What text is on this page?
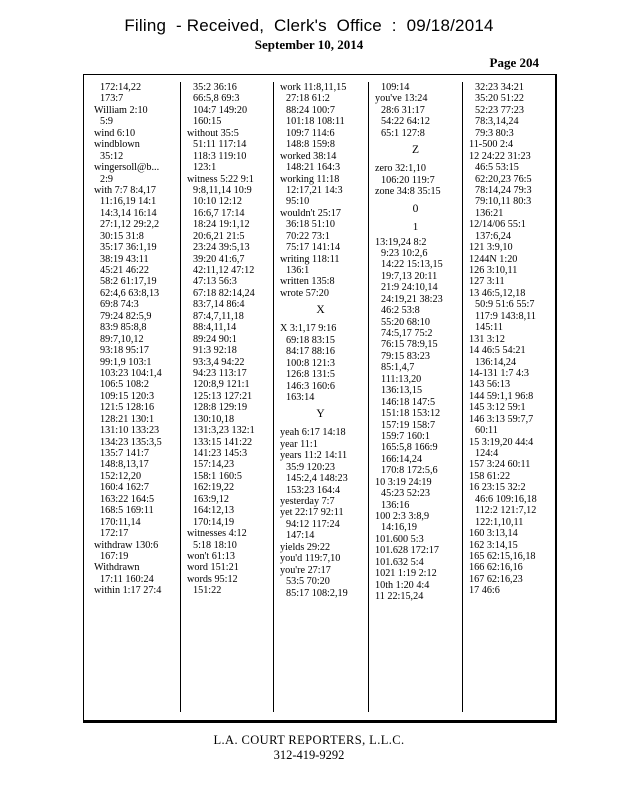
Filing  - Received,  Clerk's  Office  :  09/18/2014
September 10, 2014
Page 204
172:14,22
173:7
William 2:10
5:9
wind 6:10
windblown
35:12
wingersoll@b...
2:9
with 7:7 8:4,17
11:16,19 14:1
14:3,14 16:14
27:1,12 29:2,2
30:15 31:8
35:17 36:1,19
38:19 43:11
45:21 46:22
58:2 61:17,19
62:4,6 63:8,13
69:8 74:3
79:24 82:5,9
83:9 85:8,8
89:7,10,12
93:18 95:17
99:1,9 103:1
103:23 104:1,4
106:5 108:2
109:15 120:3
121:5 128:16
128:21 130:1
131:10 133:23
134:23 135:3,5
135:7 141:7
148:8,13,17
152:12,20
160:4 162:7
163:22 164:5
168:5 169:11
170:11,14
172:17
withdraw 130:6
167:19
Withdrawn
17:11 160:24
within 1:17 27:4
35:2 36:16
66:5,8 69:3
104:7 149:20
160:15
without 35:5
51:11 117:14
118:3 119:10
123:1
witness 5:22 9:1
9:8,11,14 10:9
10:10 12:12
16:6,7 17:14
18:24 19:1,12
20:6,21 21:5
23:24 39:5,13
39:20 41:6,7
42:11,12 47:12
47:13 56:3
67:18 82:14,24
83:7,14 86:4
87:4,7,11,18
88:4,11,14
89:24 90:1
91:3 92:18
93:3,4 94:22
94:23 113:17
120:8,9 121:1
125:13 127:21
128:8 129:19
130:10,18
131:3,23 132:1
133:15 141:22
141:23 145:3
157:14,23
158:1 160:5
162:19,22
163:9,12
164:12,13
170:14,19
witnesses 4:12
5:18 18:10
won't 61:13
word 151:21
words 95:12
151:22
work 11:8,11,15
27:18 61:2
88:24 100:7
101:18 108:11
109:7 114:6
148:8 159:8
worked 38:14
148:21 164:3
working 11:18
12:17,21 14:3
95:10
wouldn't 25:17
36:18 51:10
70:22 73:1
75:17 141:14
writing 118:11
136:1
written 135:8
wrote 57:20
X
X 3:1,17 9:16
69:18 83:15
84:17 88:16
100:8 121:3
126:8 131:5
146:3 160:6
163:14
Y
yeah 6:17 14:18
year 11:1
years 11:2 14:11
35:9 120:23
145:2,4 148:23
153:23 164:4
yesterday 7:7
yet 22:17 92:11
94:12 117:24
147:14
yields 29:22
you'd 119:7,10
you're 27:17
53:5 70:20
85:17 108:2,19
109:14
you've 13:24
28:6 31:17
54:22 64:12
65:1 127:8
Z
zero 32:1,10
106:20 119:7
zone 34:8 35:15
0
1
13:19,24 8:2
9:23 10:2,6
14:22 15:13,15
19:7,13 20:11
21:9 24:10,14
24:19,21 38:23
46:2 53:8
55:20 68:10
74:5,17 75:2
76:15 78:9,15
79:15 83:23
85:1,4,7
111:13,20
136:13,15
146:18 147:5
151:18 153:12
157:19 158:7
159:7 160:1
165:5,8 166:9
166:14,24
170:8 172:5,6
10 3:19 24:19
45:23 52:23
136:16
100 2:3 3:8,9
14:16,19
101.600 5:3
101.628 172:17
101.632 5:4
1021 1:19 2:12
10th 1:20 4:4
11 22:15,24
32:23 34:21
35:20 51:22
52:23 77:23
78:3,14,24
79:3 80:3
11-500 2:4
12 24:22 31:23
46:5 53:15
62:20,23 76:5
78:14,24 79:3
79:10,11 80:3
136:21
12/14/06 55:1
137:6,24
121 3:9,10
1244N 1:20
126 3:10,11
127 3:11
13 46:5,12,18
50:9 51:6 55:7
117:9 143:8,11
145:11
131 3:12
14 46:5 54:21
136:14,24
14-131 1:7 4:3
143 56:13
144 59:1,1 96:8
145 3:12 59:1
146 3:13 59:7,7
60:11
15 3:19,20 44:4
124:4
157 3:24 60:11
158 61:22
16 23:15 32:2
46:6 109:16,18
112:2 121:7,12
122:1,10,11
160 3:13,14
162 3:14,15
165 62:15,16,18
166 62:16,16
167 62:16,23
17 46:6
L.A. COURT REPORTERS, L.L.C.
312-419-9292
